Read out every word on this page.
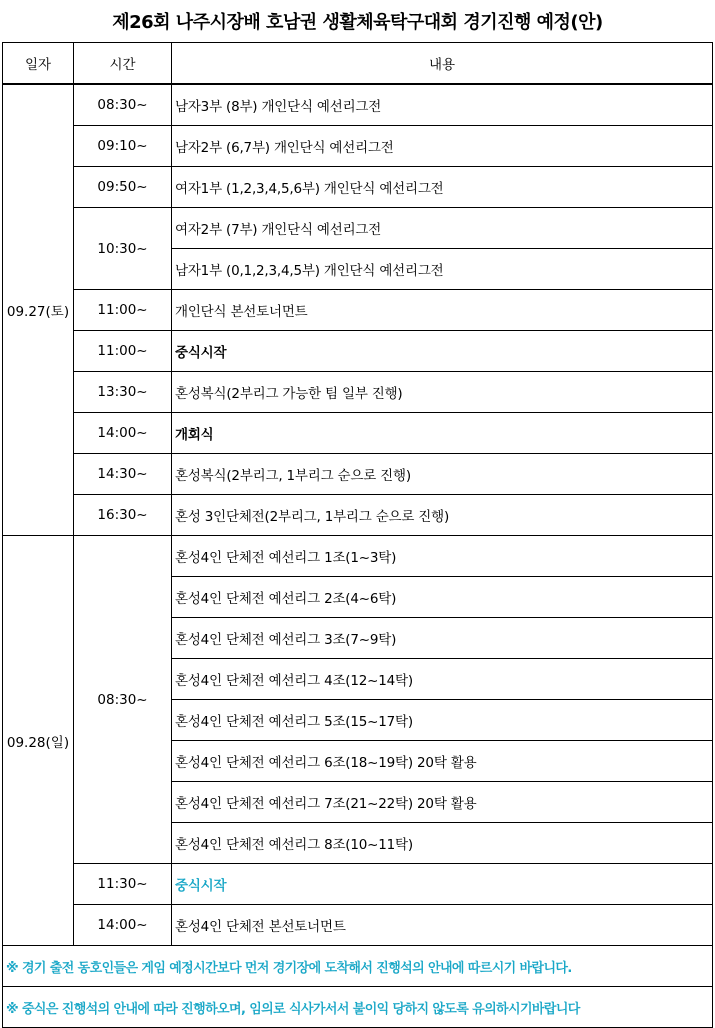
제26회 나주시장배 호남권 생활체육탁구대회 경기진행 예정(안)
일자	시간	내용
09.27(토)	08:30~	남자3부 (8부) 개인단식 예선리그전
	09:10~	남자2부 (6,7부) 개인단식 예선리그전
	09:50~	여자1부 (1,2,3,4,5,6부) 개인단식 예선리그전
	10:30~	여자2부 (7부) 개인단식 예선리그전
		남자1부 (0,1,2,3,4,5부) 개인단식 예선리그전
	11:00~	개인단식 본선토너먼트
	11:00~	중식시작
	13:30~	혼성복식(2부리그 가능한 팀 일부 진행)
	14:00~	개회식
	14:30~	혼성복식(2부리그, 1부리그 순으로 진행)
	16:30~	혼성 3인단체전(2부리그, 1부리그 순으로 진행)
09.28(일)	08:30~	혼성4인 단체전 예선리그 1조(1~3탁)
		혼성4인 단체전 예선리그 2조(4~6탁)
		혼성4인 단체전 예선리그 3조(7~9탁)
		혼성4인 단체전 예선리그 4조(12~14탁)
		혼성4인 단체전 예선리그 5조(15~17탁)
		혼성4인 단체전 예선리그 6조(18~19탁) 20탁 활용
		혼성4인 단체전 예선리그 7조(21~22탁) 20탁 활용
		혼성4인 단체전 예선리그 8조(10~11탁)
	11:30~	중식시작
	14:00~	혼성4인 단체전 본선토너먼트
※ 경기 출전 동호인들은 게임 예정시간보다 먼저 경기장에 도착해서 진행석의 안내에 따르시기 바랍니다.		
※ 중식은 진행석의 안내에 따라 진행하오며, 임의로 식사가서서 불이익 당하지 않도록 유의하시기바랍니다		
